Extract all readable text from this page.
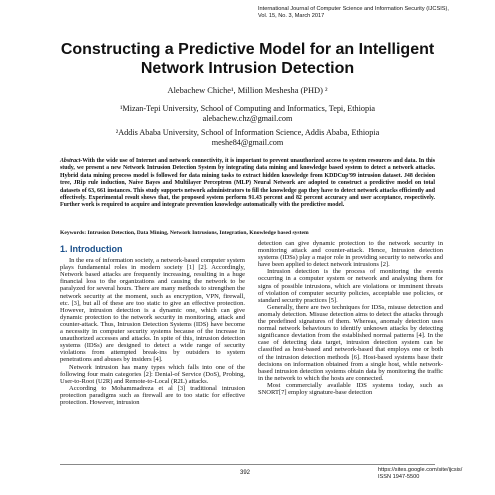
International Journal of Computer Science and Information Security (IJCSIS),
Vol. 15, No. 3, March 2017
Constructing a Predictive Model for an Intelligent
Network Intrusion Detection
Alebachew Chiche¹, Million Meshesha (PHD) ²
¹Mizan-Tepi University, School of Computing and Informatics, Tepi, Ethiopia
alebachew.chz@gmail.com
²Addis Ababa University, School of Information Science, Addis Ababa, Ethiopia
meshe84@gmail.com
Abstract-With the wide use of Internet and network connectivity, it is important to prevent unauthorized access to system resources and data. In this study, we present a new Network Intrusion Detection System by integrating data mining and knowledge based system to detect a network attacks. Hybrid data mining process model is followed for data mining tasks to extract hidden knowledge from KDDCup'99 intrusion dataset. J48 decision tree, JRip rule induction, Naive Bayes and Multilayer Perceptron (MLP) Neural Network are adopted to construct a predictive model on total datasets of 63, 661 instances. This study supports network administrators to fill the knowledge gap they have to detect network attacks efficiently and effectively. Experimental result shows that, the proposed system perform 91.43 percent and 82 percent accuracy and user acceptance, respectively. Further work is required to acquire and integrate prevention knowledge automatically with the predictive model.
Keywords: Intrusion Detection, Data Mining, Network Intrusions, Integration, Knowledge based system

1. Introduction

In the era of information society, a network-based computer system plays fundamental roles in modern society [1] [2]. Accordingly, Network based attacks are frequently increasing, resulting in a huge financial loss to the organizations and causing the network to be paralyzed for several hours. There are many methods to strengthen the network security at the moment, such as encryption, VPN, firewall, etc. [3], but all of these are too static to give an effective protection. However, intrusion detection is a dynamic one, which can give dynamic protection to the network security in monitoring, attack and counter-attack. Thus, Intrusion Detection Systems (IDS) have become a necessity in computer security systems because of the increase in unauthorized accesses and attacks. In spite of this, intrusion detection systems (IDSs) are designed to detect a wide range of security violations from attempted break-ins by outsiders to system penetrations and abuses by insiders [4].

Network intrusion has many types which falls into one of the following four main categories [2]: Denial-of Service (DoS), Probing, User-to-Root (U2R) and Remote-to-Local (R2L) attacks.

According to Mohammadreza et al [3] traditional intrusion protection paradigms such as firewall are to too static for effective protection. However, intrusion

detection can give dynamic protection to the network security in monitoring attack and counter-attack. Hence, Intrusion detection systems (IDSs) play a major role in providing security to networks and have been applied to detect network intrusions [2].

Intrusion detection is the process of monitoring the events occurring in a computer system or network and analysing them for signs of possible intrusions, which are violations or imminent threats of violation of computer security policies, acceptable use policies, or standard security practices [5].

Generally, there are two techniques for IDSs, misuse detection and anomaly detection. Misuse detection aims to detect the attacks through the predefined signatures of them. Whereas, anomaly detection uses normal network behaviours to identify unknown attacks by detecting significance deviation from the established normal patterns [4]. In the case of detecting data target, intrusion detection system can be classified as host-based and network-based that employs one or both of the intrusion detection methods [6]. Host-based systems base their decisions on information obtained from a single host, while network-based intrusion detection systems obtain data by monitoring the traffic in the network to which the hosts are connected.

Most commercially available IDS systems today, such as SNORT[7] employ signature-base detection

392	https://sites.google.com/site/ijcsis/
ISSN 1947-5500
